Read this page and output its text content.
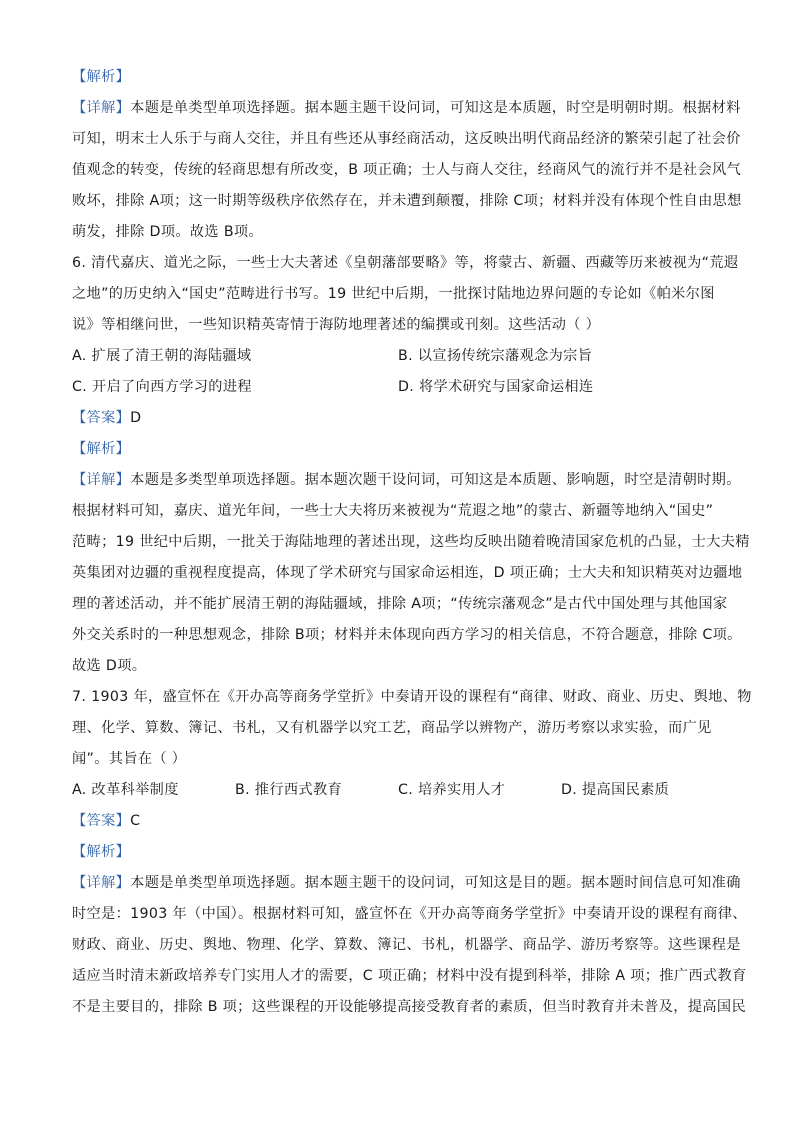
【解析】
【详解】本题是单类型单项选择题。据本题主题干设问词，可知这是本质题，时空是明朝时期。根据材料
可知，明末士人乐于与商人交往，并且有些还从事经商活动，这反映出明代商品经济的繁荣引起了社会价
值观念的转变，传统的轻商思想有所改变，B 项正确；士人与商人交往，经商风气的流行并不是社会风气
败坏，排除 A项；这一时期等级秩序依然存在，并未遭到颠覆，排除 C项；材料并没有体现个性自由思想
萌发，排除 D项。故选 B项。
6. 清代嘉庆、道光之际，一些士大夫著述《皇朝藩部要略》等，将蒙古、新疆、西藏等历来被视为“荒遐
之地”的历史纳入“国史”范畴进行书写。19 世纪中后期，一批探讨陆地边界问题的专论如《帕米尔图
说》等相继问世，一些知识精英寄情于海防地理著述的编撰或刊刻。这些活动（ ）
A. 扩展了清王朝的海陆疆域	B. 以宣扬传统宗藩观念为宗旨
C. 开启了向西方学习的进程	D. 将学术研究与国家命运相连
【答案】D
【解析】
【详解】本题是多类型单项选择题。据本题次题干设问词，可知这是本质题、影响题，时空是清朝时期。
根据材料可知，嘉庆、道光年间，一些士大夫将历来被视为“荒遐之地”的蒙古、新疆等地纳入“国史”
范畴；19 世纪中后期，一批关于海陆地理的著述出现，这些均反映出随着晚清国家危机的凸显，士大夫精
英集团对边疆的重视程度提高，体现了学术研究与国家命运相连，D 项正确；士大夫和知识精英对边疆地
理的著述活动，并不能扩展清王朝的海陆疆域，排除 A项；“传统宗藩观念”是古代中国处理与其他国家
外交关系时的一种思想观念，排除 B项；材料并未体现向西方学习的相关信息，不符合题意，排除 C项。
故选 D项。
7. 1903 年，盛宣怀在《开办高等商务学堂折》中奏请开设的课程有“商律、财政、商业、历史、舆地、物
理、化学、算数、簿记、书札，又有机器学以究工艺，商品学以辨物产，游历考察以求实验，而广见
闻”。其旨在（ ）
A. 改革科举制度	B. 推行西式教育	C. 培养实用人才	D. 提高国民素质
【答案】C
【解析】
【详解】本题是单类型单项选择题。据本题主题干的设问词，可知这是目的题。据本题时间信息可知准确
时空是：1903 年（中国）。根据材料可知，盛宣怀在《开办高等商务学堂折》中奏请开设的课程有商律、
财政、商业、历史、舆地、物理、化学、算数、簿记、书札，机器学、商品学、游历考察等。这些课程是
适应当时清末新政培养专门实用人才的需要，C 项正确；材料中没有提到科举，排除 A 项；推广西式教育
不是主要目的，排除 B 项；这些课程的开设能够提高接受教育者的素质，但当时教育并未普及，提高国民
